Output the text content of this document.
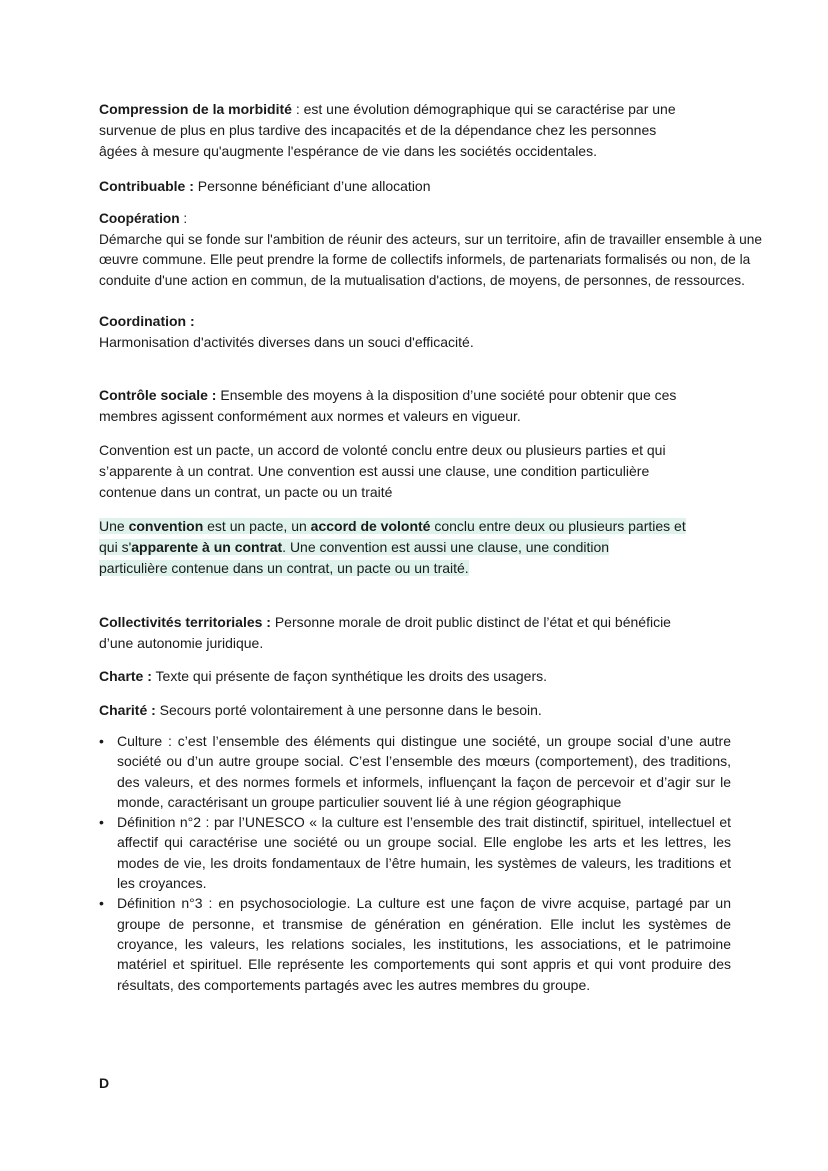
Compression de la morbidité : est une évolution démographique qui se caractérise par une

survenue de plus en plus tardive des incapacités et de la dépendance chez les personnes

âgées à mesure qu'augmente l'espérance de vie dans les sociétés occidentales.

Contribuable : Personne bénéficiant d’une allocation

Coopération :

Démarche qui se fonde sur l'ambition de réunir des acteurs, sur un territoire, afin de travailler ensemble à une

œuvre commune. Elle peut prendre la forme de collectifs informels, de partenariats formalisés ou non, de la

conduite d'une action en commun, de la mutualisation d'actions, de moyens, de personnes, de ressources.

Coordination :

Harmonisation d'activités diverses dans un souci d'efficacité.

Contrôle sociale : Ensemble des moyens à la disposition d’une société pour obtenir que ces

membres agissent conformément aux normes et valeurs en vigueur.

Convention est un pacte, un accord de volonté conclu entre deux ou plusieurs parties et qui

s’apparente à un contrat. Une convention est aussi une clause, une condition particulière

contenue dans un contrat, un pacte ou un traité

Une convention est un pacte, un accord de volonté conclu entre deux ou plusieurs parties et

qui s'apparente à un contrat. Une convention est aussi une clause, une condition

particulière contenue dans un contrat, un pacte ou un traité.

Collectivités territoriales : Personne morale de droit public distinct de l’état et qui bénéficie

d’une autonomie juridique.

Charte : Texte qui présente de façon synthétique les droits des usagers.

Charité : Secours porté volontairement à une personne dans le besoin.

• Culture : c’est l’ensemble des éléments qui distingue une société, un groupe social d’une autre société ou d’un autre groupe social. C’est l’ensemble des mœurs (comportement), des traditions, des valeurs, et des normes formels et informels, influençant la façon de percevoir et d’agir sur le monde, caractérisant un groupe particulier souvent lié à une région géographique
• Définition n°2 : par l’UNESCO « la culture est l’ensemble des trait distinctif, spirituel, intellectuel et affectif qui caractérise une société ou un groupe social. Elle englobe les arts et les lettres, les modes de vie, les droits fondamentaux de l’être humain, les systèmes de valeurs, les traditions et les croyances.
• Définition n°3 : en psychosociologie. La culture est une façon de vivre acquise, partagé par un groupe de personne, et transmise de génération en génération. Elle inclut les systèmes de croyance, les valeurs, les relations sociales, les institutions, les associations, et le patrimoine matériel et spirituel. Elle représente les comportements qui sont appris et qui vont produire des résultats, des comportements partagés avec les autres membres du groupe.

D
